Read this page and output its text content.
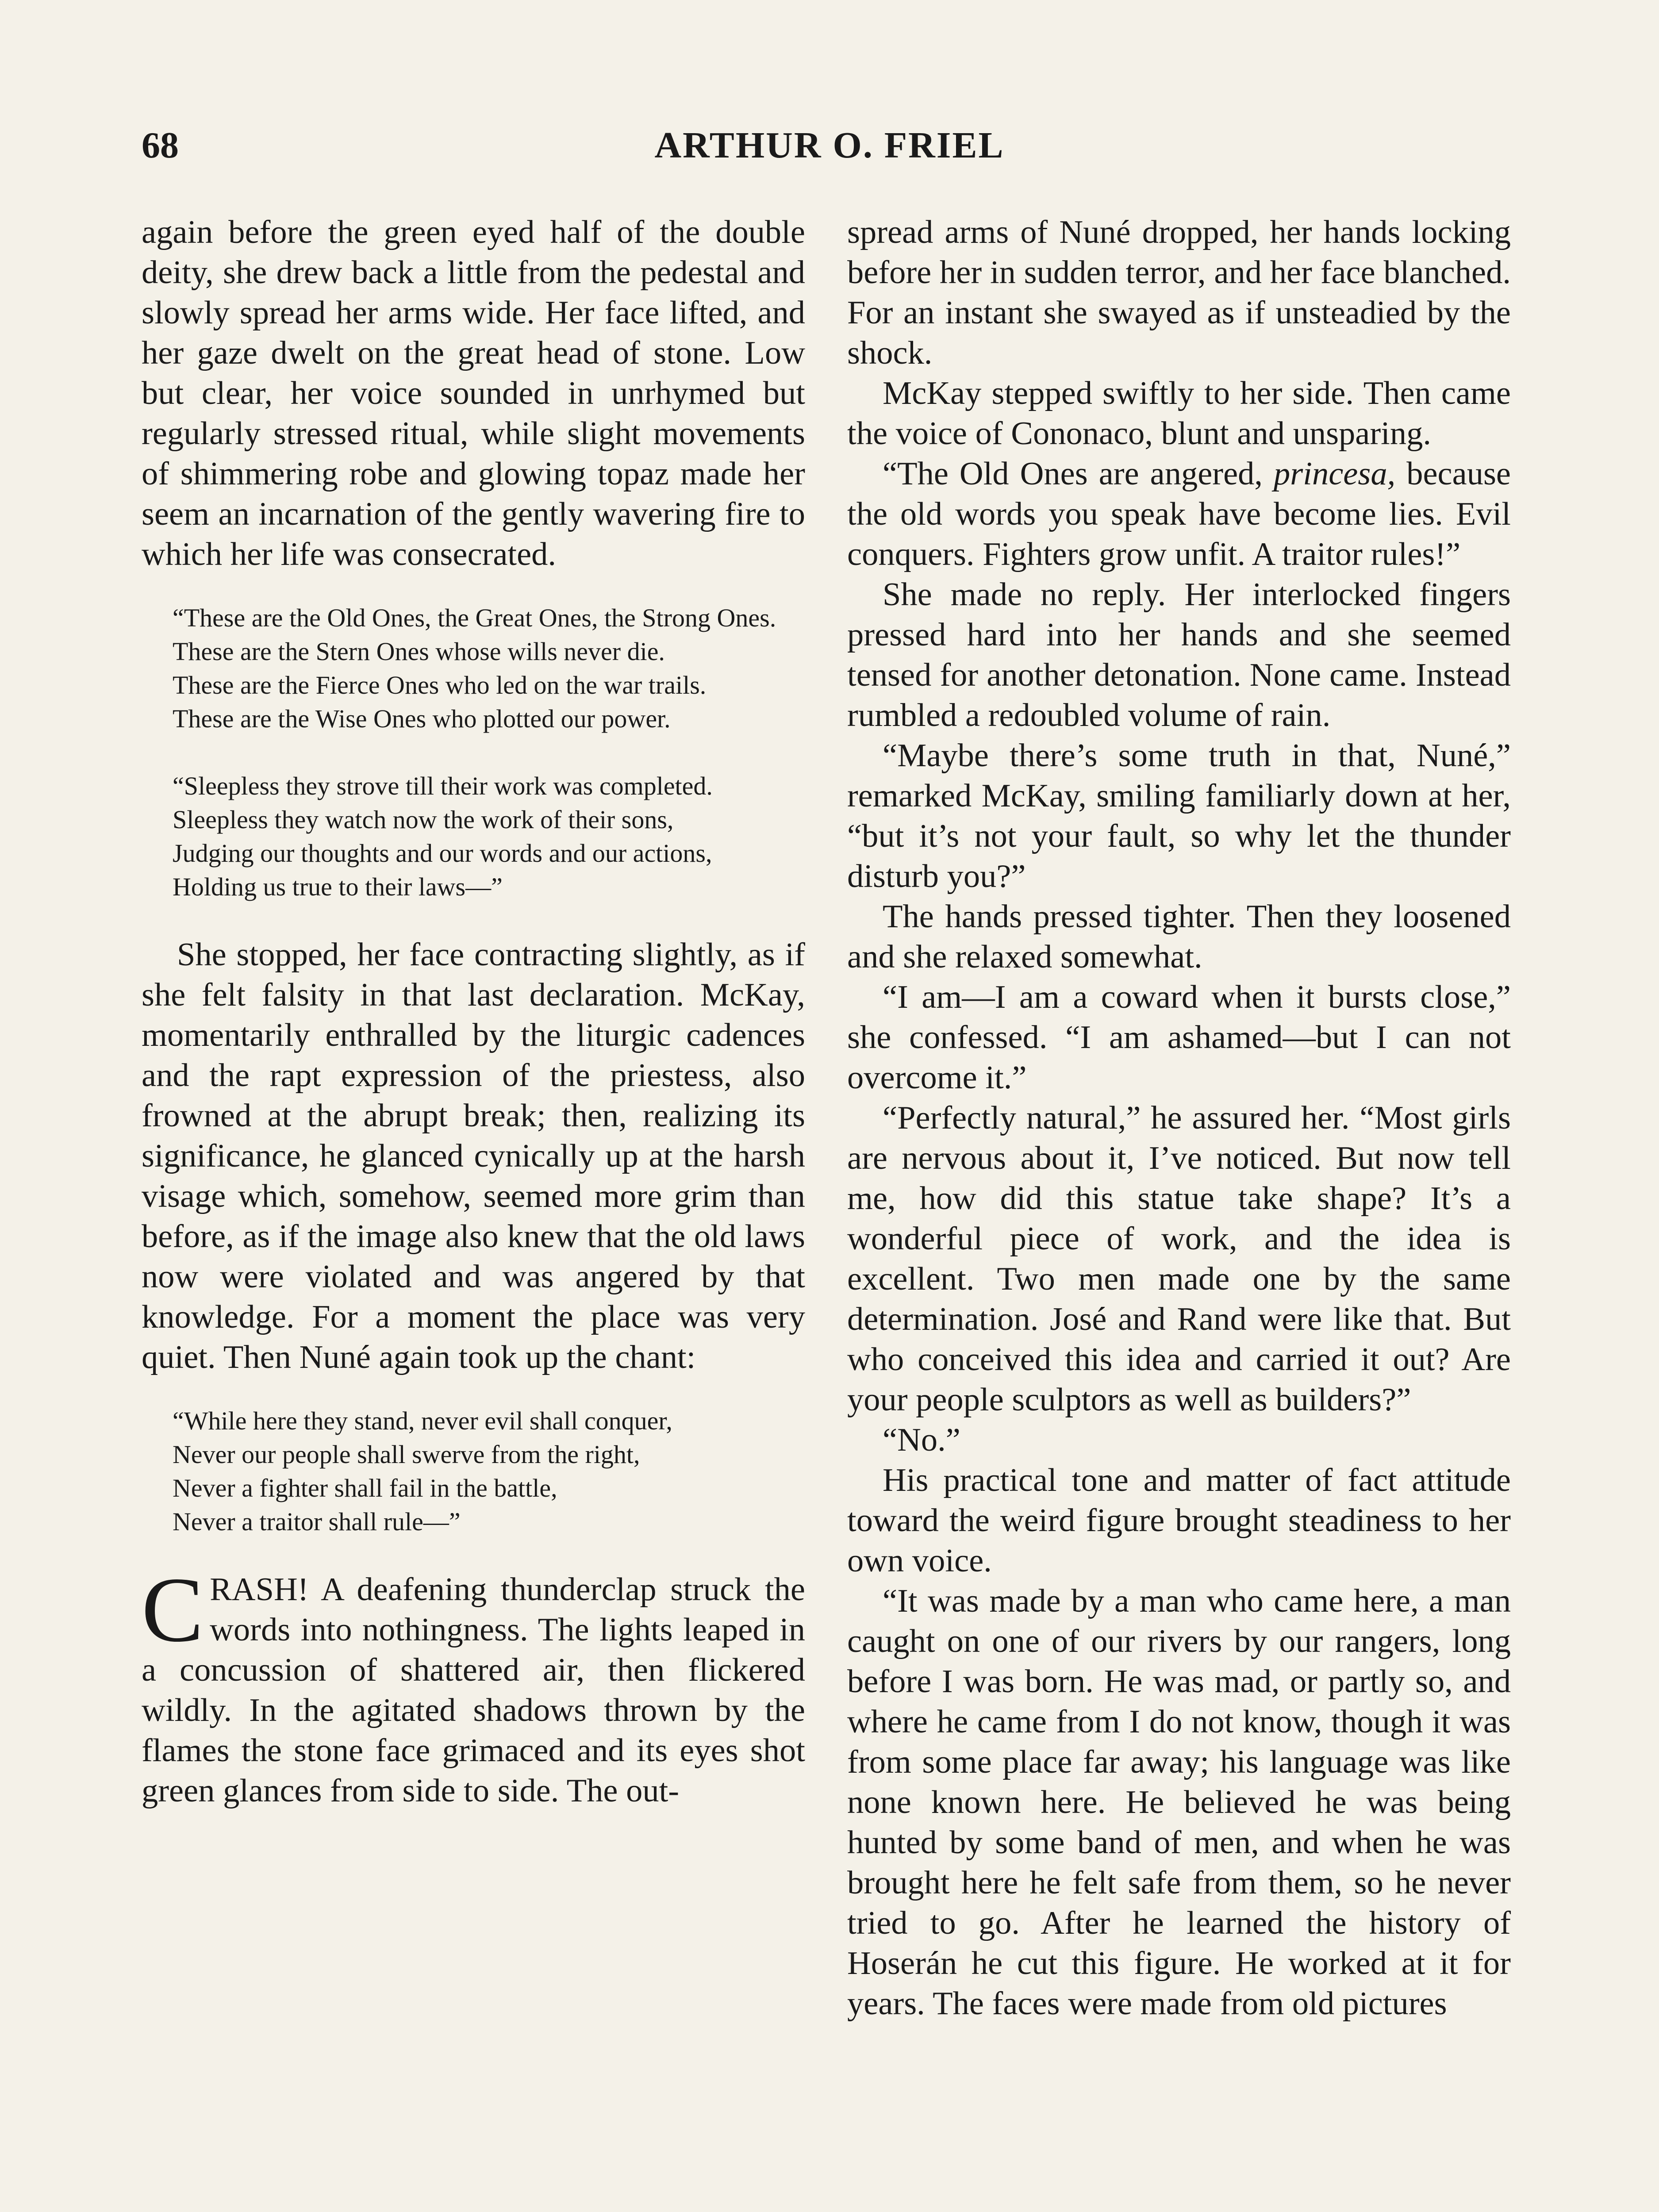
68	ARTHUR O. FRIEL

again before the green eyed half of the double deity, she drew back a little from the pedestal and slowly spread her arms wide. Her face lifted, and her gaze dwelt on the great head of stone. Low but clear, her voice sounded in unrhymed but regularly stressed ritual, while slight movements of shimmering robe and glowing topaz made her seem an incarnation of the gently wavering fire to which her life was consecrated.

“These are the Old Ones, the Great Ones, the Strong Ones.

These are the Stern Ones whose wills never die.

These are the Fierce Ones who led on the war trails.

These are the Wise Ones who plotted our power.

“Sleepless they strove till their work was completed.

Sleepless they watch now the work of their sons,

Judging our thoughts and our words and our actions,

Holding us true to their laws—”

She stopped, her face contracting slightly, as if she felt falsity in that last declaration. McKay, momentarily enthralled by the liturgic cadences and the rapt expression of the priestess, also frowned at the abrupt break; then, realizing its significance, he glanced cynically up at the harsh visage which, somehow, seemed more grim than before, as if the image also knew that the old laws now were violated and was angered by that knowledge. For a moment the place was very quiet. Then Nuné again took up the chant:

“While here they stand, never evil shall conquer,

Never our people shall swerve from the right,

Never a fighter shall fail in the battle,

Never a traitor shall rule—”

CRASH! A deafening thunderclap struck the words into nothingness. The lights leaped in a concussion of shattered air, then flickered wildly. In the agitated shadows thrown by the flames the stone face grimaced and its eyes shot green glances from side to side. The out-

spread arms of Nuné dropped, her hands locking before her in sudden terror, and her face blanched. For an instant she swayed as if unsteadied by the shock.

McKay stepped swiftly to her side. Then came the voice of Cononaco, blunt and unsparing.

“The Old Ones are angered, princesa, because the old words you speak have become lies. Evil conquers. Fighters grow unfit. A traitor rules!”

She made no reply. Her interlocked fingers pressed hard into her hands and she seemed tensed for another detonation. None came. Instead rumbled a redoubled volume of rain.

“Maybe there’s some truth in that, Nuné,” remarked McKay, smiling familiarly down at her, “but it’s not your fault, so why let the thunder disturb you?”

The hands pressed tighter. Then they loosened and she relaxed somewhat.

“I am—I am a coward when it bursts close,” she confessed. “I am ashamed—but I can not overcome it.”

“Perfectly natural,” he assured her. “Most girls are nervous about it, I’ve noticed. But now tell me, how did this statue take shape? It’s a wonderful piece of work, and the idea is excellent. Two men made one by the same determination. José and Rand were like that. But who conceived this idea and carried it out? Are your people sculptors as well as builders?”

“No.”

His practical tone and matter of fact attitude toward the weird figure brought steadiness to her own voice.

“It was made by a man who came here, a man caught on one of our rivers by our rangers, long before I was born. He was mad, or partly so, and where he came from I do not know, though it was from some place far away; his language was like none known here. He believed he was being hunted by some band of men, and when he was brought here he felt safe from them, so he never tried to go. After he learned the history of Hoserán he cut this figure. He worked at it for years. The faces were made from old pictures
